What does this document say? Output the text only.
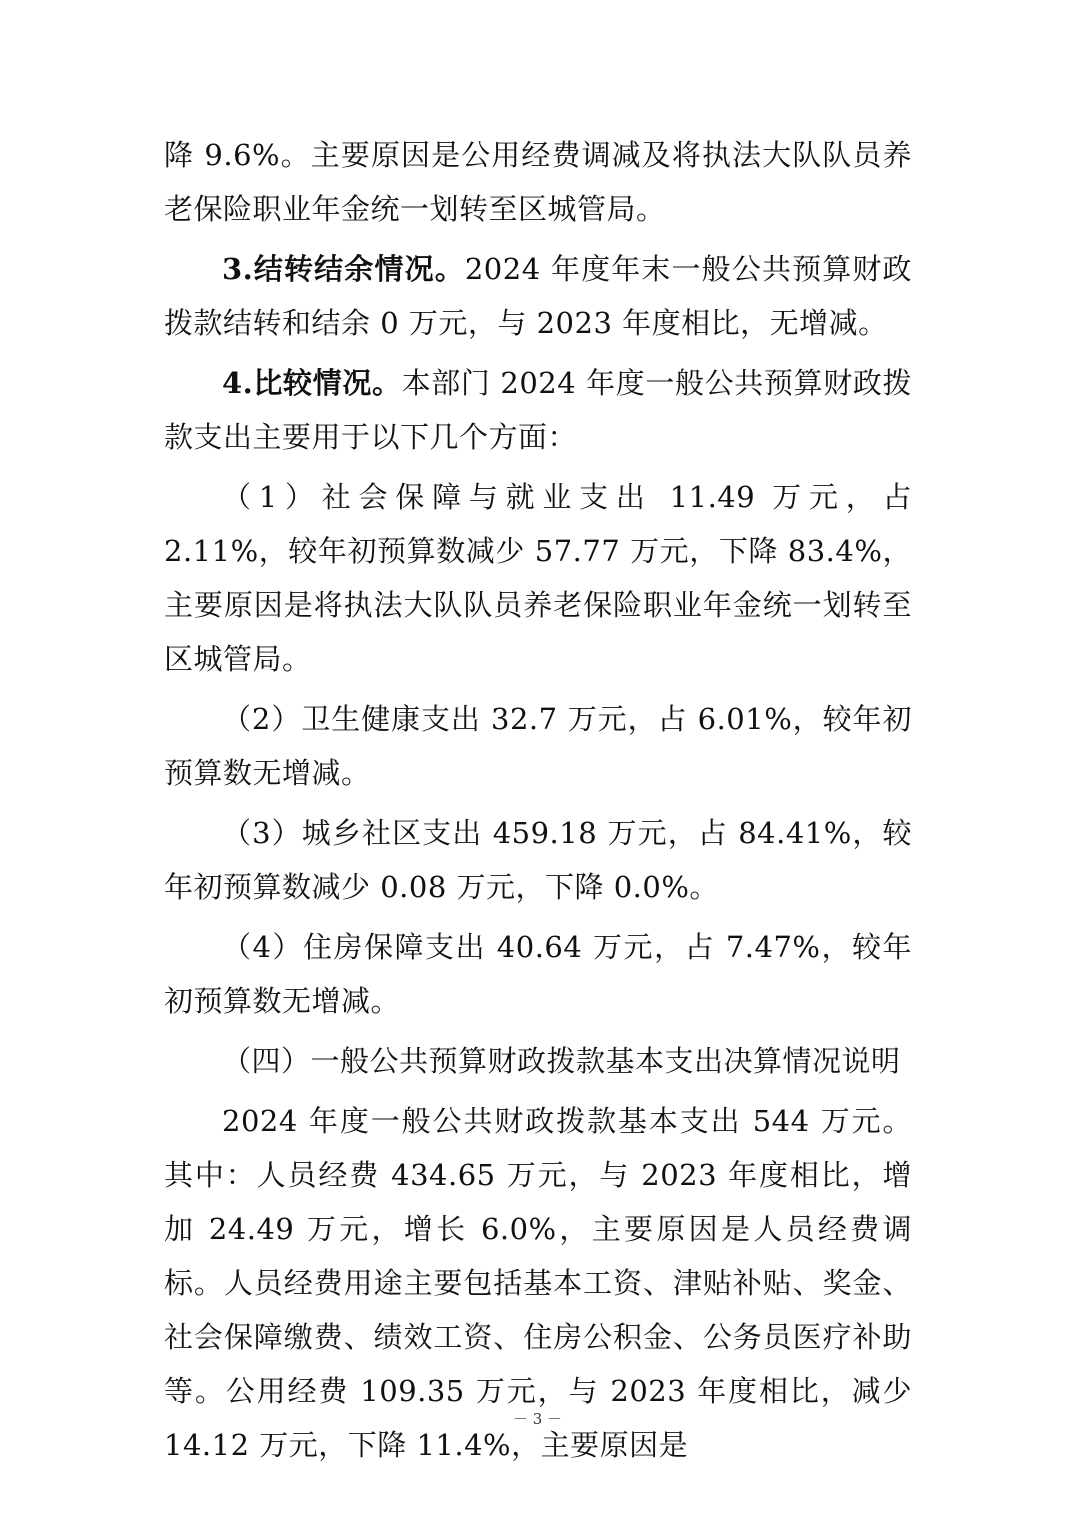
降 9.6%。主要原因是公用经费调减及将执法大队队员养老保险职业年金统一划转至区城管局。

3.结转结余情况。2024 年度年末一般公共预算财政拨款结转和结余 0 万元，与 2023 年度相比，无增减。

4.比较情况。本部门 2024 年度一般公共预算财政拨款支出主要用于以下几个方面：

（1）社会保障与就业支出 11.49 万元，占 2.11%，较年初预算数减少 57.77 万元，下降 83.4%，主要原因是将执法大队队员养老保险职业年金统一划转至区城管局。

（2）卫生健康支出 32.7 万元，占 6.01%，较年初预算数无增减。

（3）城乡社区支出 459.18 万元，占 84.41%，较年初预算数减少 0.08 万元，下降 0.0%。

（4）住房保障支出 40.64 万元，占 7.47%，较年初预算数无增减。

（四）一般公共预算财政拨款基本支出决算情况说明

2024 年度一般公共财政拨款基本支出 544 万元。其中：人员经费 434.65 万元，与 2023 年度相比，增加 24.49 万元，增长 6.0%，主要原因是人员经费调标。人员经费用途主要包括基本工资、津贴补贴、奖金、社会保障缴费、绩效工资、住房公积金、公务员医疗补助等。公用经费 109.35 万元，与 2023 年度相比，减少 14.12 万元，下降 11.4%，主要原因是

－ 3 －
